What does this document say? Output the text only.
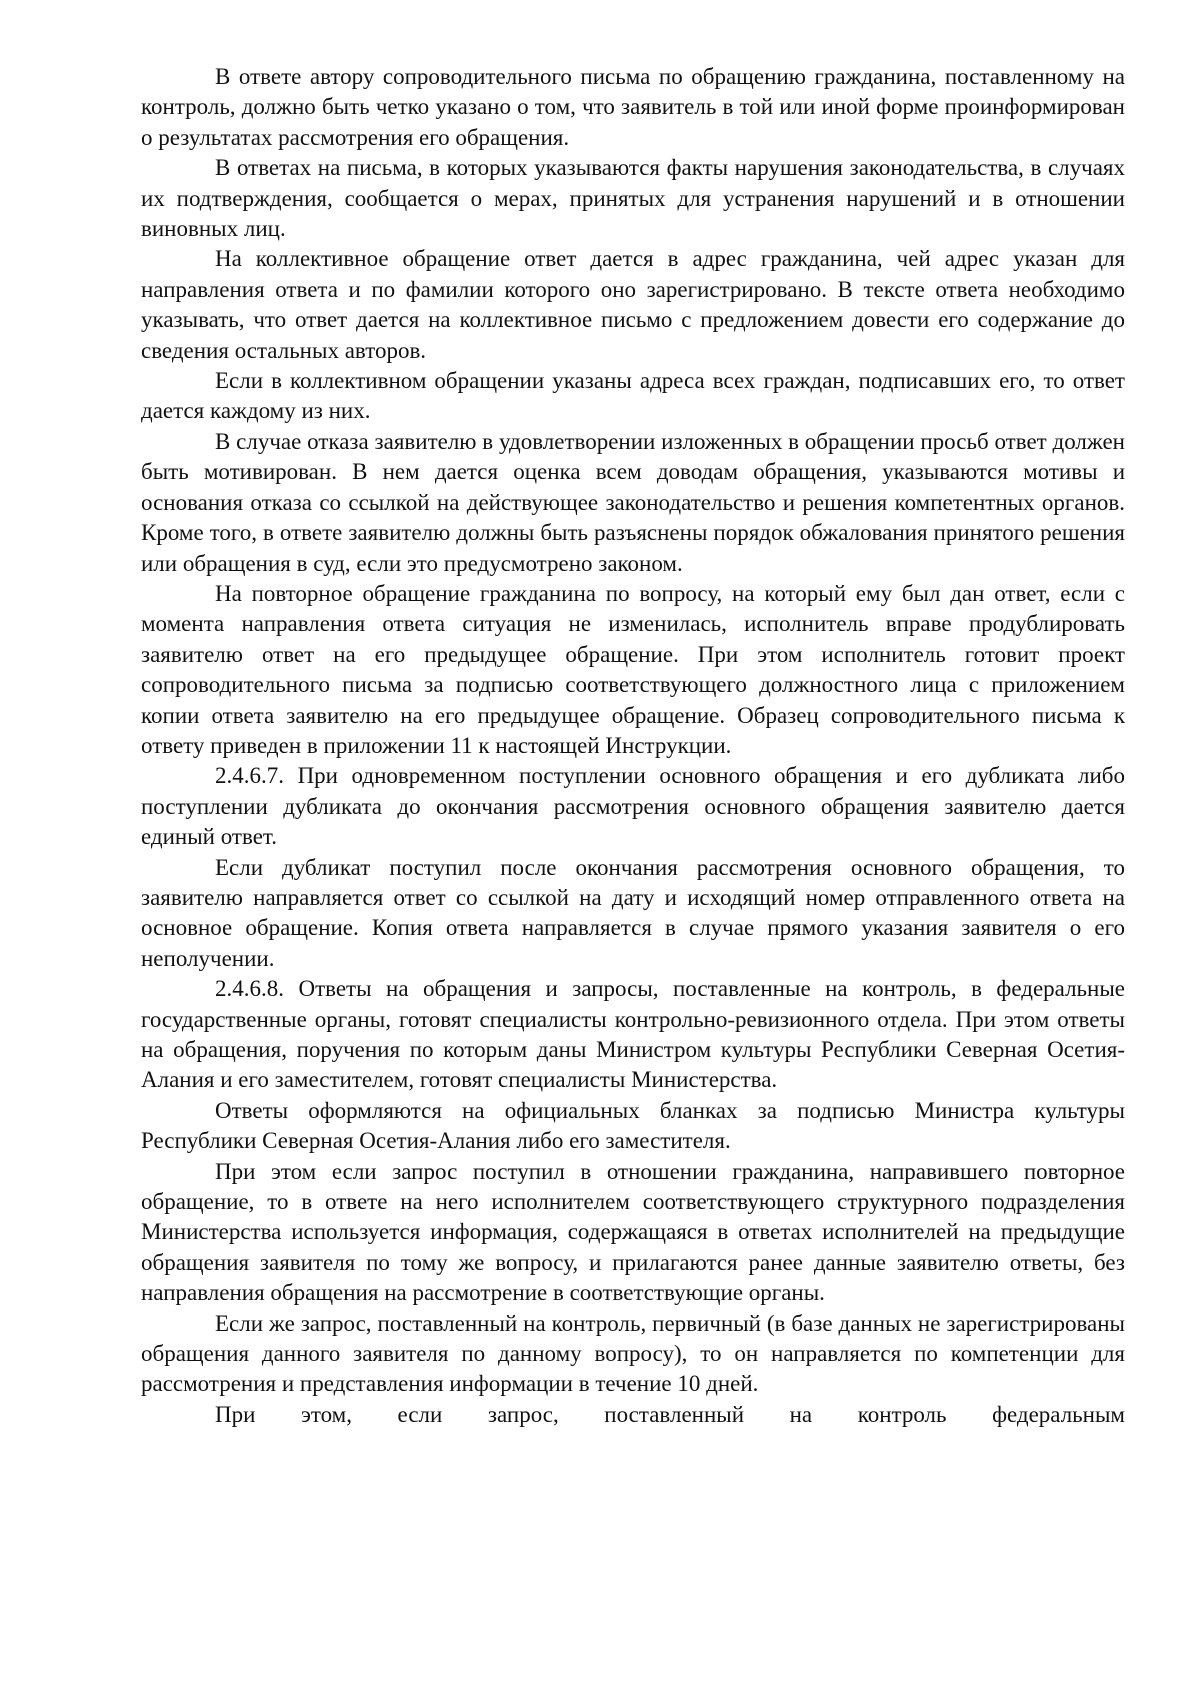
В ответе автору сопроводительного письма по обращению гражданина, поставленному на контроль, должно быть четко указано о том, что заявитель в той или иной форме проинформирован о результатах рассмотрения его обращения.

В ответах на письма, в которых указываются факты нарушения законодательства, в случаях их подтверждения, сообщается о мерах, принятых для устранения нарушений и в отношении виновных лиц.

На коллективное обращение ответ дается в адрес гражданина, чей адрес указан для направления ответа и по фамилии которого оно зарегистрировано. В тексте ответа необходимо указывать, что ответ дается на коллективное письмо с предложением довести его содержание до сведения остальных авторов.

Если в коллективном обращении указаны адреса всех граждан, подписавших его, то ответ дается каждому из них.

В случае отказа заявителю в удовлетворении изложенных в обращении просьб ответ должен быть мотивирован. В нем дается оценка всем доводам обращения, указываются мотивы и основания отказа со ссылкой на действующее законодательство и решения компетентных органов. Кроме того, в ответе заявителю должны быть разъяснены порядок обжалования принятого решения или обращения в суд, если это предусмотрено законом.

На повторное обращение гражданина по вопросу, на который ему был дан ответ, если с момента направления ответа ситуация не изменилась, исполнитель вправе продублировать заявителю ответ на его предыдущее обращение. При этом исполнитель готовит проект сопроводительного письма за подписью соответствующего должностного лица с приложением копии ответа заявителю на его предыдущее обращение. Образец сопроводительного письма к ответу приведен в приложении 11 к настоящей Инструкции.

2.4.6.7. При одновременном поступлении основного обращения и его дубликата либо поступлении дубликата до окончания рассмотрения основного обращения заявителю дается единый ответ.

Если дубликат поступил после окончания рассмотрения основного обращения, то заявителю направляется ответ со ссылкой на дату и исходящий номер отправленного ответа на основное обращение. Копия ответа направляется в случае прямого указания заявителя о его неполучении.

2.4.6.8. Ответы на обращения и запросы, поставленные на контроль, в федеральные государственные органы, готовят специалисты контрольно-ревизионного отдела. При этом ответы на обращения, поручения по которым даны Министром культуры Республики Северная Осетия-Алания и его заместителем, готовят специалисты Министерства.

Ответы оформляются на официальных бланках за подписью Министра культуры Республики Северная Осетия-Алания либо его заместителя.

При этом если запрос поступил в отношении гражданина, направившего повторное обращение, то в ответе на него исполнителем соответствующего структурного подразделения Министерства используется информация, содержащаяся в ответах исполнителей на предыдущие обращения заявителя по тому же вопросу, и прилагаются ранее данные заявителю ответы, без направления обращения на рассмотрение в соответствующие органы.

Если же запрос, поставленный на контроль, первичный (в базе данных не зарегистрированы обращения данного заявителя по данному вопросу), то он направляется по компетенции для рассмотрения и представления информации в течение 10 дней.

При этом, если запрос, поставленный на контроль федеральным
